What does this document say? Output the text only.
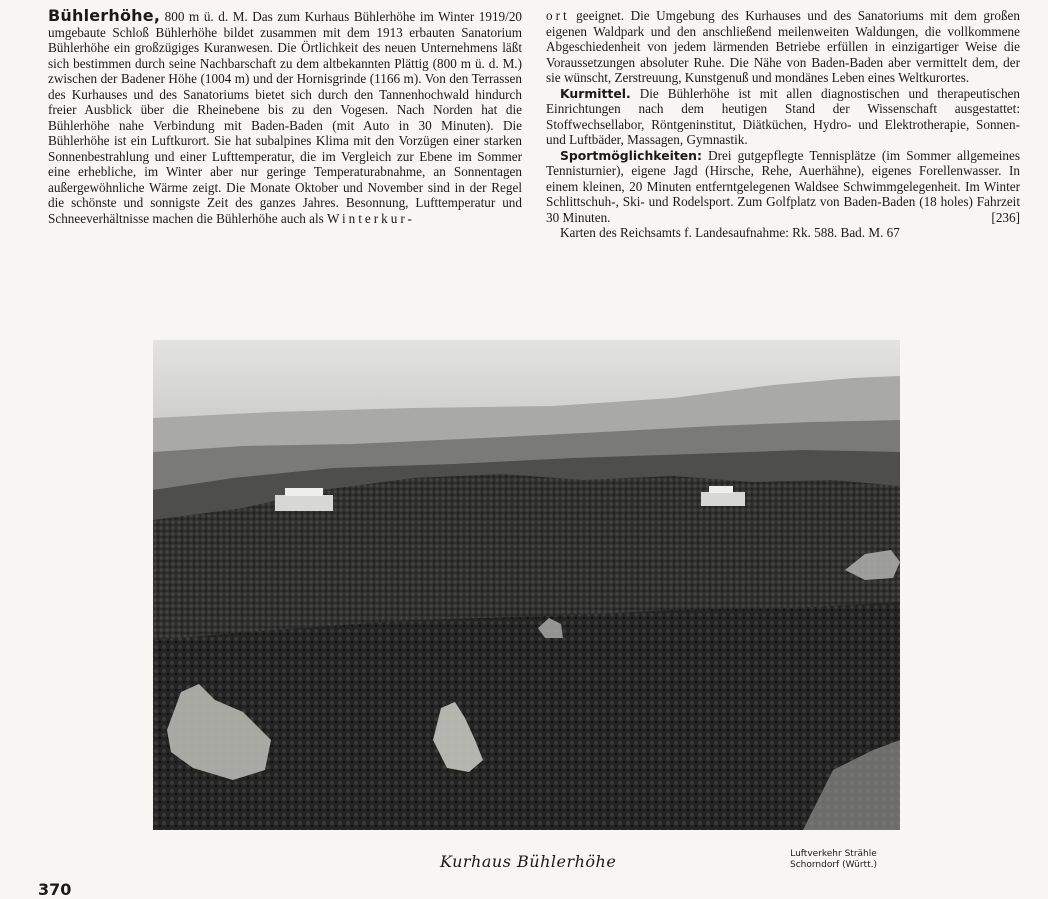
Bühlerhöhe, 800 m ü. d. M. Das zum Kurhaus Bühlerhöhe im Winter 1919/20 umgebaute Schloß Bühlerhöhe bildet zusammen mit dem 1913 erbauten Sanatorium Bühlerhöhe ein großzügiges Kuranwesen. Die Örtlichkeit des neuen Unternehmens läßt sich bestimmen durch seine Nachbarschaft zu dem altbekannten Plättig (800 m ü. d. M.) zwischen der Badener Höhe (1004 m) und der Hornisgrinde (1166 m). Von den Terrassen des Kurhauses und des Sanatoriums bietet sich durch den Tannenhochwald hindurch freier Ausblick über die Rheinebene bis zu den Vogesen. Nach Norden hat die Bühlerhöhe nahe Verbindung mit Baden-Baden (mit Auto in 30 Minuten). Die Bühlerhöhe ist ein Luftkurort. Sie hat subalpines Klima mit den Vorzügen einer starken Sonnenbestrahlung und einer Lufttemperatur, die im Vergleich zur Ebene im Sommer eine erhebliche, im Winter aber nur geringe Temperaturabnahme, an Sonnentagen außergewöhnliche Wärme zeigt. Die Monate Oktober und November sind in der Regel die schönste und sonnigste Zeit des ganzes Jahres. Besonnung, Lufttemperatur und Schneeverhältnisse machen die Bühlerhöhe auch als Winterkur-

ort geeignet. Die Umgebung des Kurhauses und des Sanatoriums mit dem großen eigenen Waldpark und den anschließend meilenweiten Waldungen, die vollkommene Abgeschiedenheit von jedem lärmenden Betriebe erfüllen in einzigartiger Weise die Voraussetzungen absoluter Ruhe. Die Nähe von Baden-Baden aber vermittelt dem, der sie wünscht, Zerstreuung, Kunstgenuß und mondänes Leben eines Weltkurortes.

Kurmittel. Die Bühlerhöhe ist mit allen diagnostischen und therapeutischen Einrichtungen nach dem heutigen Stand der Wissenschaft ausgestattet: Stoffwechsellabor, Röntgeninstitut, Diätküchen, Hydro- und Elektrotherapie, Sonnen- und Luftbäder, Massagen, Gymnastik.

Sportmöglichkeiten: Drei gutgepflegte Tennisplätze (im Sommer allgemeines Tennisturnier), eigene Jagd (Hirsche, Rehe, Auerhähne), eigenes Forellenwasser. In einem kleinen, 20 Minuten entferntgelegenen Waldsee Schwimmgelegenheit. Im Winter Schlittschuh-, Ski- und Rodelsport. Zum Golfplatz von Baden-Baden (18 holes) Fahrzeit 30 Minuten.	[236]

Karten des Reichsamts f. Landesaufnahme: Rk. 588. Bad. M. 67

Kurhaus Bühlerhöhe	Luftverkehr Strähle
Schorndorf (Württ.)
370
